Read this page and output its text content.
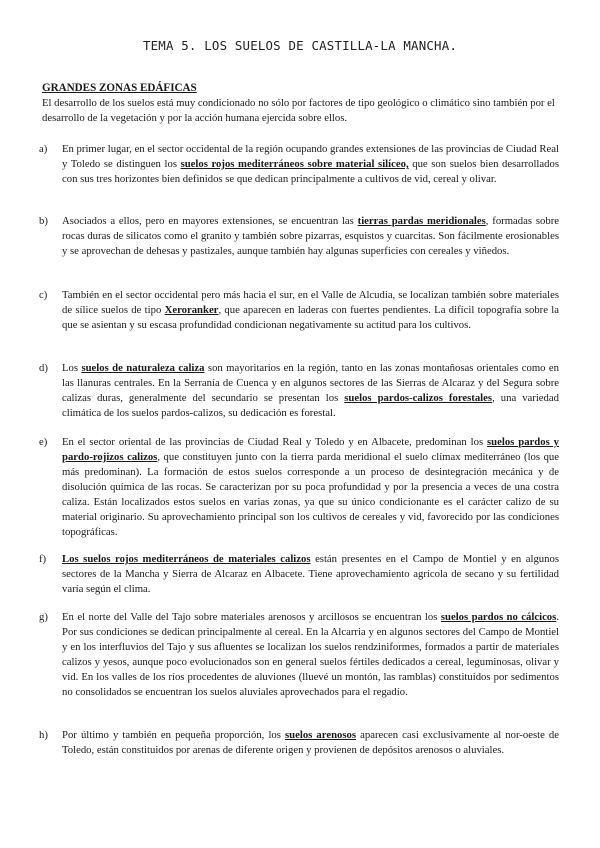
TEMA 5. LOS SUELOS DE CASTILLA-LA MANCHA.

GRANDES ZONAS EDÁFICAS

El desarrollo de los suelos está muy condicionado no sólo por factores de tipo geológico o climático sino también por el desarrollo de la vegetación y por la acción humana ejercida sobre ellos.

a) En primer lugar, en el sector occidental de la región ocupando grandes extensiones de las provincias de Ciudad Real y Toledo se distinguen los suelos rojos mediterráneos sobre material silíceo, que son suelos bien desarrollados con sus tres horizontes bien definidos se que dedican principalmente a cultivos de vid, cereal y olivar.

b) Asociados a ellos, pero en mayores extensiones, se encuentran las tierras pardas meridionales, formadas sobre rocas duras de silicatos como el granito y también sobre pizarras, esquistos y cuarcitas. Son fácilmente erosionables y se aprovechan de dehesas y pastizales, aunque también hay algunas superficies con cereales y viñedos.

c) También en el sector occidental pero más hacia el sur, en el Valle de Alcudia, se localizan también sobre materiales de sílice suelos de tipo Xeroranker, que aparecen en laderas con fuertes pendientes. La difícil topografía sobre la que se asientan y su escasa profundidad condicionan negativamente su actitud para los cultivos.

d) Los suelos de naturaleza caliza son mayoritarios en la región, tanto en las zonas montañosas orientales como en las llanuras centrales. En la Serranía de Cuenca y en algunos sectores de las Sierras de Alcaraz y del Segura sobre calizas duras, generalmente del secundario se presentan los suelos pardos-calizos forestales, una variedad climática de los suelos pardos-calizos, su dedicación es forestal.

e) En el sector oriental de las provincias de Ciudad Real y Toledo y en Albacete, predominan los suelos pardos y pardo-rojizos calizos, que constituyen junto con la tierra parda meridional el suelo clímax mediterráneo (los que más predominan). La formación de estos suelos corresponde a un proceso de desintegración mecánica y de disolución química de las rocas. Se caracterizan por su poca profundidad y por la presencia a veces de una costra caliza. Están localizados estos suelos en varias zonas, ya que su único condicionante es el carácter calizo de su material originario. Su aprovechamiento principal son los cultivos de cereales y vid, favorecido por las condiciones topográficas.

f) Los suelos rojos mediterráneos de materiales calizos están presentes en el Campo de Montiel y en algunos sectores de la Mancha y Sierra de Alcaraz en Albacete. Tiene aprovechamiento agrícola de secano y su fertilidad varía según el clima.

g) En el norte del Valle del Tajo sobre materiales arenosos y arcillosos se encuentran los suelos pardos no cálcicos. Por sus condiciones se dedican principalmente al cereal. En la Alcarria y en algunos sectores del Campo de Montiel y en los interfluvios del Tajo y sus afluentes se localizan los suelos rendziniformes, formados a partir de materiales calizos y yesos, aunque poco evolucionados son en general suelos fértiles dedicados a cereal, leguminosas, olivar y vid. En los valles de los ríos procedentes de aluviones (lluevé un montón, las ramblas) constituidos por sedimentos no consolidados se encuentran los suelos aluviales aprovechados para el regadío.

h) Por último y también en pequeña proporción, los suelos arenosos aparecen casi exclusivamente al nor-oeste de Toledo, están constituidos por arenas de diferente origen y provienen de depósitos arenosos o aluviales.
